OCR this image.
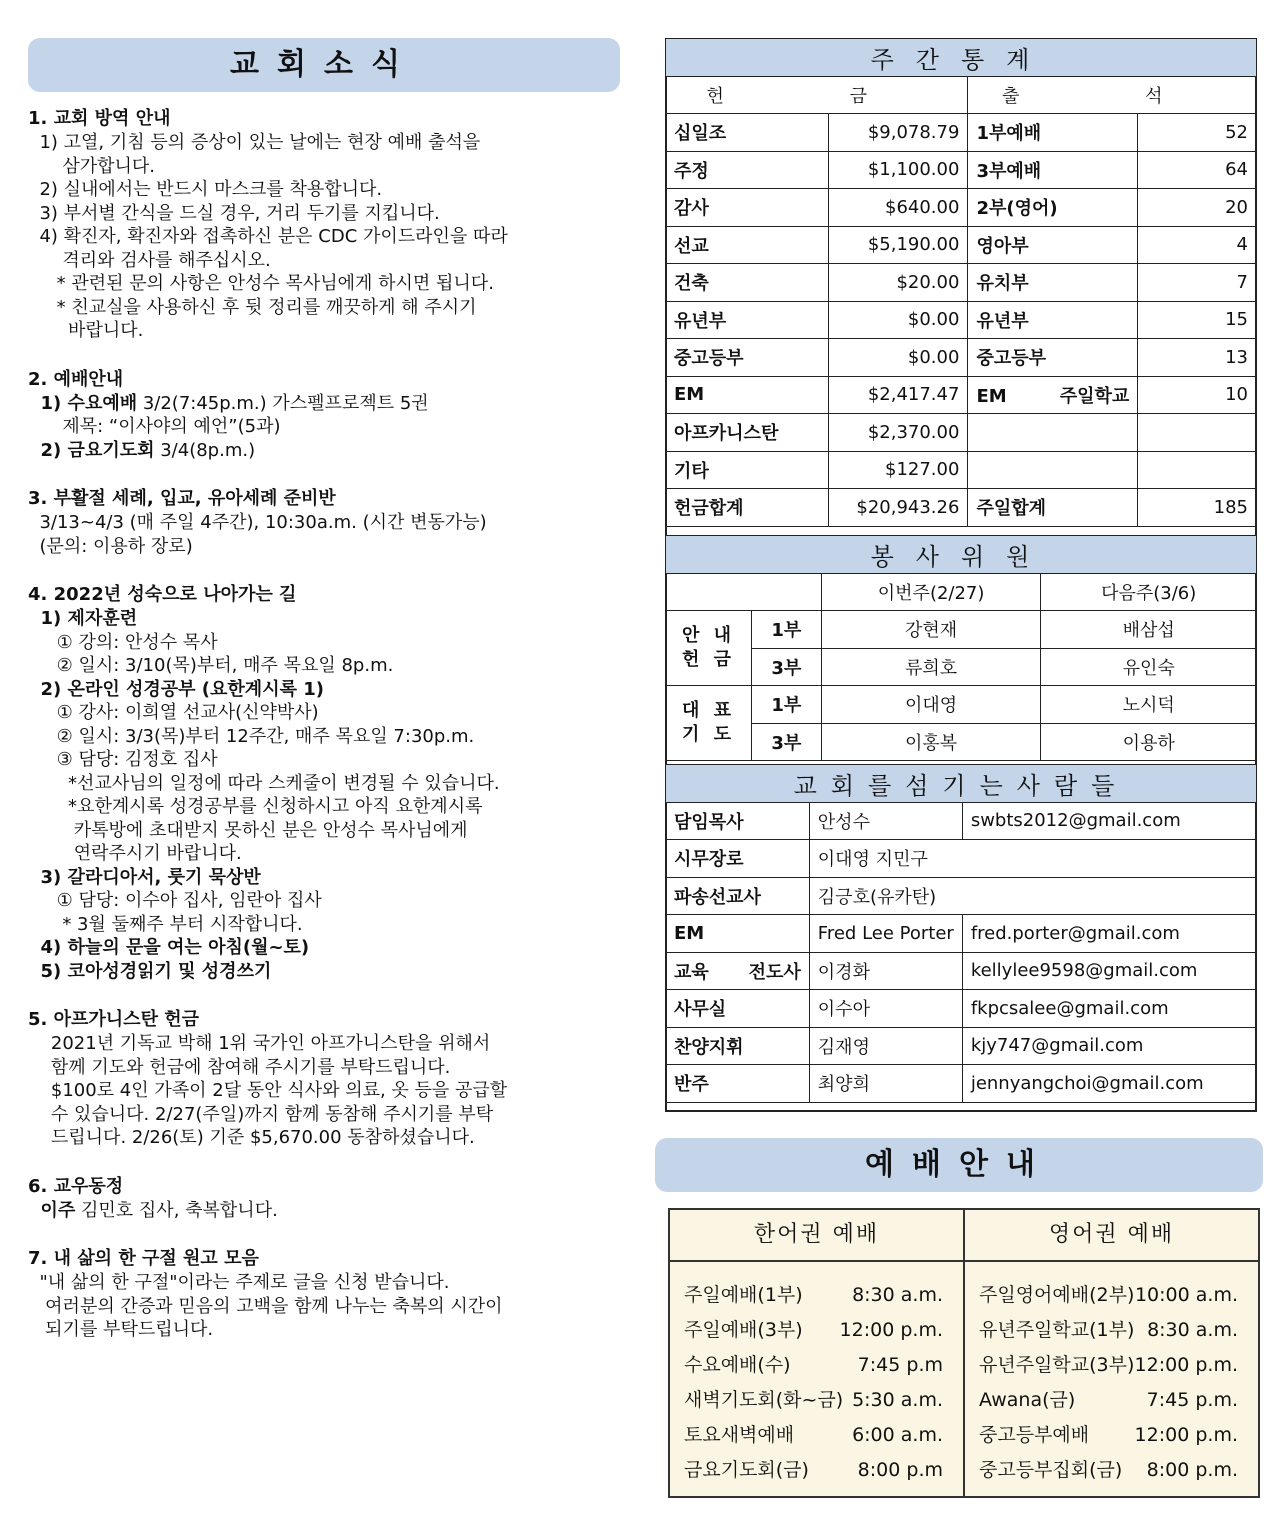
교회소식
1. 교회 방역 안내
1) 고열, 기침 등의 증상이 있는 날에는 현장 예배 출석을
삼가합니다.
2) 실내에서는 반드시 마스크를 착용합니다.
3) 부서별 간식을 드실 경우, 거리 두기를 지킵니다.
4) 확진자, 확진자와 접촉하신 분은 CDC 가이드라인을 따라
격리와 검사를 해주십시오.
* 관련된 문의 사항은 안성수 목사님에게 하시면 됩니다.
* 친교실을 사용하신 후 뒷 정리를 깨끗하게 해 주시기
바랍니다.
2. 예배안내
1) 수요예배 3/2(7:45p.m.) 가스펠프로젝트 5권
제목: “이사야의 예언”(5과)
2) 금요기도회 3/4(8p.m.)
3. 부활절 세례, 입교, 유아세례 준비반
3/13~4/3 (매 주일 4주간), 10:30a.m. (시간 변동가능)
(문의: 이용하 장로)
4. 2022년 성숙으로 나아가는 길
1) 제자훈련
① 강의: 안성수 목사
② 일시: 3/10(목)부터, 매주 목요일 8p.m.
2) 온라인 성경공부 (요한계시록 1)
① 강사: 이희열 선교사(신약박사)
② 일시: 3/3(목)부터 12주간, 매주 목요일 7:30p.m.
③ 담당: 김정호 집사
*선교사님의 일정에 따라 스케줄이 변경될 수 있습니다.
*요한계시록 성경공부를 신청하시고 아직 요한계시록
카톡방에 초대받지 못하신 분은 안성수 목사님에게
연락주시기 바랍니다.
3) 갈라디아서, 룻기 묵상반
① 담당: 이수아 집사, 임란아 집사
* 3월 둘째주 부터 시작합니다.
4) 하늘의 문을 여는 아침(월~토)
5) 코아성경읽기 및 성경쓰기
5. 아프가니스탄 헌금
2021년 기독교 박해 1위 국가인 아프가니스탄을 위해서
함께 기도와 헌금에 참여해 주시기를 부탁드립니다.
$100로 4인 가족이 2달 동안 식사와 의료, 옷 등을 공급할
수 있습니다. 2/27(주일)까지 함께 동참해 주시기를 부탁
드립니다. 2/26(토) 기준 $5,670.00 동참하셨습니다.
6. 교우동정
이주 김민호 집사, 축복합니다.
7. 내 삶의 한 구절 원고 모음
"내 삶의 한 구절"이라는 주제로 글을 신청 받습니다.
여러분의 간증과 믿음의 고백을 함께 나누는 축복의 시간이
되기를 부탁드립니다.
주간통계			
헌 금		출 석	
십일조	$9,078.79	1부예배	52
주정	$1,100.00	3부예배	64
감사	$640.00	2부(영어)	20
선교	$5,190.00	영아부	4
건축	$20.00	유치부	7
유년부	$0.00	유년부	15
중고등부	$0.00	중고등부	13
EM	$2,417.47	EM 주일학교	10
아프카니스탄	$2,370.00		
기타	$127.00		
헌금합계	$20,943.26	주일합계	185
봉사위원			
		이번주(2/27)	다음주(3/6)
안 내
헌 금	1부	강현재	배삼섭
	3부	류희호	유인숙
대 표
기 도	1부	이대영	노시덕
	3부	이홍복	이용하
교회를섬기는사람들		
담임목사	안성수	swbts2012@gmail.com
시무장로	이대영 지민구	
파송선교사	김긍호(유카탄)	
EM	Fred Lee Porter	fred.porter@gmail.com
교육 전도사	이경화	kellylee9598@gmail.com
사무실	이수아	fkpcsalee@gmail.com
찬양지휘	김재영	kjy747@gmail.com
반주	최양희	jennyangchoi@gmail.com
예배안내
한어권 예배
주일예배(1부)	8:30 a.m.
주일예배(3부) 12:00 p.m.
수요예배(수)	7:45 p.m
새벽기도회(화~금) 5:30 a.m.
토요새벽예배	6:00 a.m.
금요기도회(금)	8:00 p.m
영어권 예배
주일영어예배(2부) 10:00 a.m.
유년주일학교(1부) 8:30 a.m.
유년주일학교(3부) 12:00 p.m.
Awana(금)	7:45 p.m.
중고등부예배 12:00 p.m.
중고등부집회(금) 8:00 p.m.
